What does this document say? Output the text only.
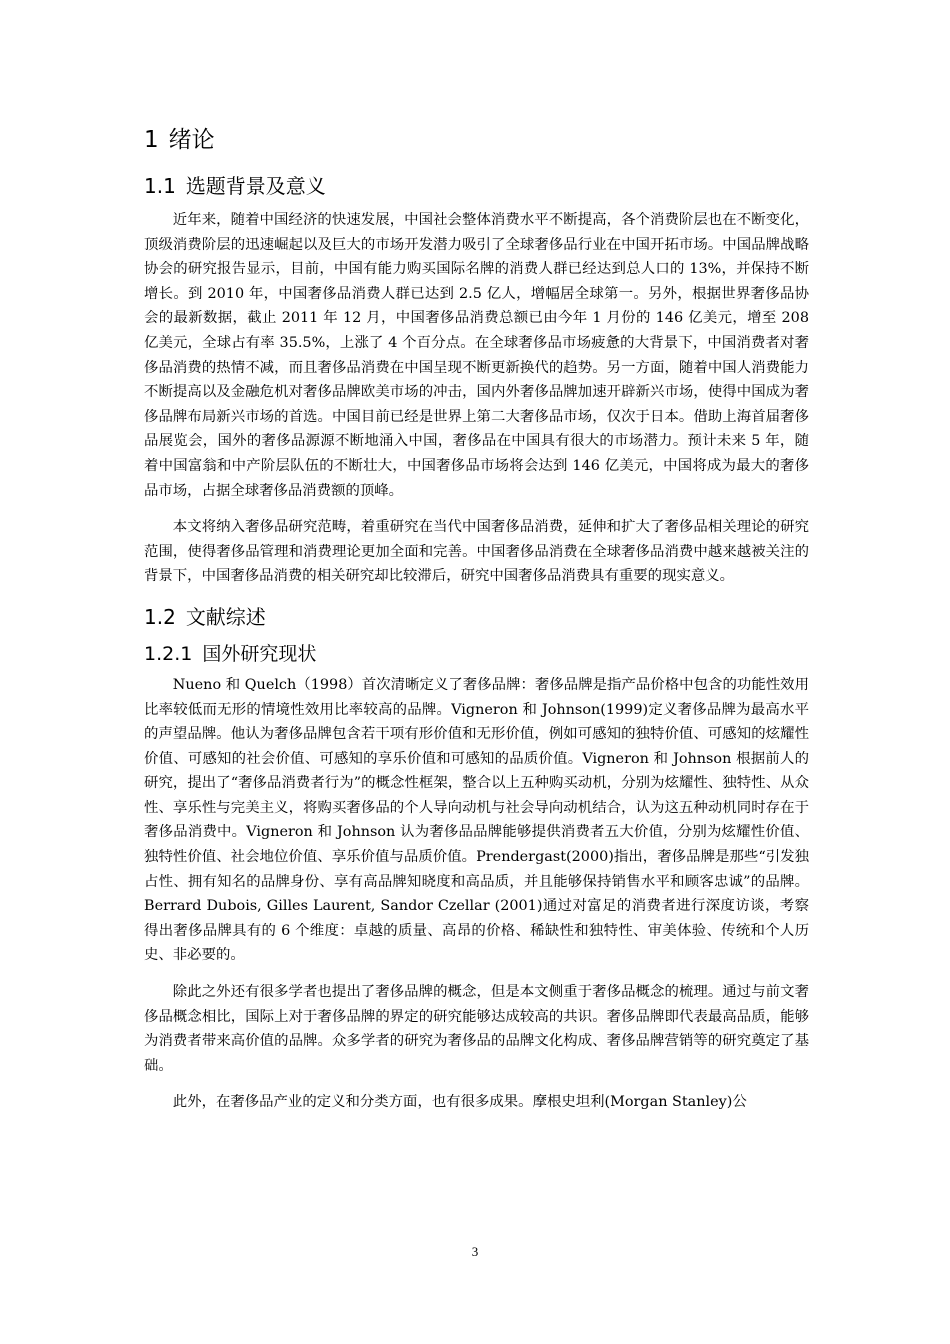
1 绪论
1.1 选题背景及意义

近年来，随着中国经济的快速发展，中国社会整体消费水平不断提高，各个消费阶层也在不断变化，顶级消费阶层的迅速崛起以及巨大的市场开发潜力吸引了全球奢侈品行业在中国开拓市场。中国品牌战略协会的研究报告显示，目前，中国有能力购买国际名牌的消费人群已经达到总人口的 13%，并保持不断增长。到 2010 年，中国奢侈品消费人群已达到 2.5 亿人，增幅居全球第一。另外，根据世界奢侈品协会的最新数据，截止 2011 年 12 月，中国奢侈品消费总额已由今年 1 月份的 146 亿美元，增至 208 亿美元，全球占有率 35.5%，上涨了 4 个百分点。在全球奢侈品市场疲惫的大背景下，中国消费者对奢侈品消费的热情不减，而且奢侈品消费在中国呈现不断更新换代的趋势。另一方面，随着中国人消费能力不断提高以及金融危机对奢侈品牌欧美市场的冲击，国内外奢侈品牌加速开辟新兴市场，使得中国成为奢侈品牌布局新兴市场的首选。中国目前已经是世界上第二大奢侈品市场，仅次于日本。借助上海首届奢侈品展览会，国外的奢侈品源源不断地涌入中国，奢侈品在中国具有很大的市场潜力。预计未来 5 年，随着中国富翁和中产阶层队伍的不断壮大，中国奢侈品市场将会达到 146 亿美元，中国将成为最大的奢侈品市场，占据全球奢侈品消费额的顶峰。

本文将纳入奢侈品研究范畴，着重研究在当代中国奢侈品消费，延伸和扩大了奢侈品相关理论的研究范围，使得奢侈品管理和消费理论更加全面和完善。中国奢侈品消费在全球奢侈品消费中越来越被关注的背景下，中国奢侈品消费的相关研究却比较滞后，研究中国奢侈品消费具有重要的现实意义。

1.2 文献综述
1.2.1 国外研究现状

Nueno 和 Quelch（1998）首次清晰定义了奢侈品牌：奢侈品牌是指产品价格中包含的功能性效用比率较低而无形的情境性效用比率较高的品牌。Vigneron 和 Johnson(1999)定义奢侈品牌为最高水平的声望品牌。他认为奢侈品牌包含若干项有形价值和无形价值，例如可感知的独特价值、可感知的炫耀性价值、可感知的社会价值、可感知的享乐价值和可感知的品质价值。Vigneron 和 Johnson 根据前人的研究，提出了“奢侈品消费者行为”的概念性框架，整合以上五种购买动机，分别为炫耀性、独特性、从众性、享乐性与完美主义，将购买奢侈品的个人导向动机与社会导向动机结合，认为这五种动机同时存在于奢侈品消费中。Vigneron 和 Johnson 认为奢侈品品牌能够提供消费者五大价值，分别为炫耀性价值、独特性价值、社会地位价值、享乐价值与品质价值。Prendergast(2000)指出，奢侈品牌是那些“引发独占性、拥有知名的品牌身份、享有高品牌知晓度和高品质，并且能够保持销售水平和顾客忠诚”的品牌。Berrard Dubois, Gilles Laurent, Sandor Czellar (2001)通过对富足的消费者进行深度访谈，考察得出奢侈品牌具有的 6 个维度：卓越的质量、高昂的价格、稀缺性和独特性、审美体验、传统和个人历史、非必要的。

除此之外还有很多学者也提出了奢侈品牌的概念，但是本文侧重于奢侈品概念的梳理。通过与前文奢侈品概念相比，国际上对于奢侈品牌的界定的研究能够达成较高的共识。奢侈品牌即代表最高品质，能够为消费者带来高价值的品牌。众多学者的研究为奢侈品的品牌文化构成、奢侈品牌营销等的研究奠定了基础。

此外，在奢侈品产业的定义和分类方面，也有很多成果。摩根史坦利(Morgan Stanley)公

3
